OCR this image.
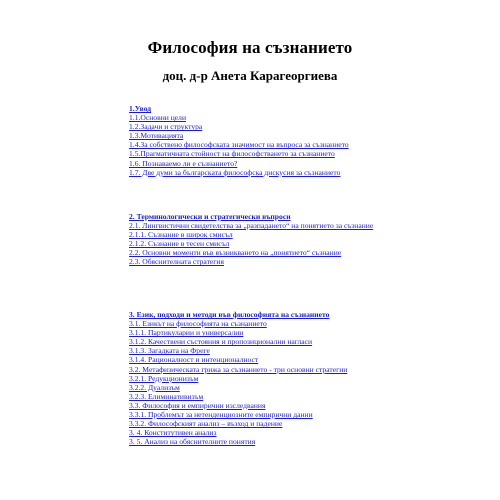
Философия на съзнанието
доц. д-р Анета Карагеоргиева
1.Увод
1.1.Основни цели
1.2.Задачи и структура
1.3.Мотивацията
1.4.За собствено философската значимост на въпроса за съзнанието
1.5.Прагматичната стойност на философстването за съзнанието
1.6. Познаваемо ли е съзнанието?
1.7. Две думи за българската философска дискусия за съзнанието
2. Терминологически и стратегически въпроси
2.1. Лингвистични свидетелства за „разпадането“ на понятието за съзнание
2.1.1. Съзнание в широк смисъл
2.1.2. Съзнание в тесен смисъл
2.2. Основни моменти във възникването на „понятието“ съзнание
2.3. Обяснителната стратегия
3. Език, подходи и методи във философията на съзнанието
3.1. Езикът на философията на съзнанието
3.1.1. Партикуларии и универсалии
3.1.2. Качествени състояния и пропозиционални нагласи
3.1.3. Загадката на Фреге
3.1.4. Рационалност и интенционалност
3.2. Метафизическата грижа за съзнанието - три основни стратегии
3.2.1. Редукционизъм
3.2.2. Дуализъм
3.2.3. Елиминативизъм
3.3. Философия и емпирични изследвания
3.3.1. Проблемът за нетенденциозните емпирични данни
3.3.2. Философският анализ – възход и падение
3. 4. Конститутивен анализ
3. 5. Анализ на обяснителните понятия
